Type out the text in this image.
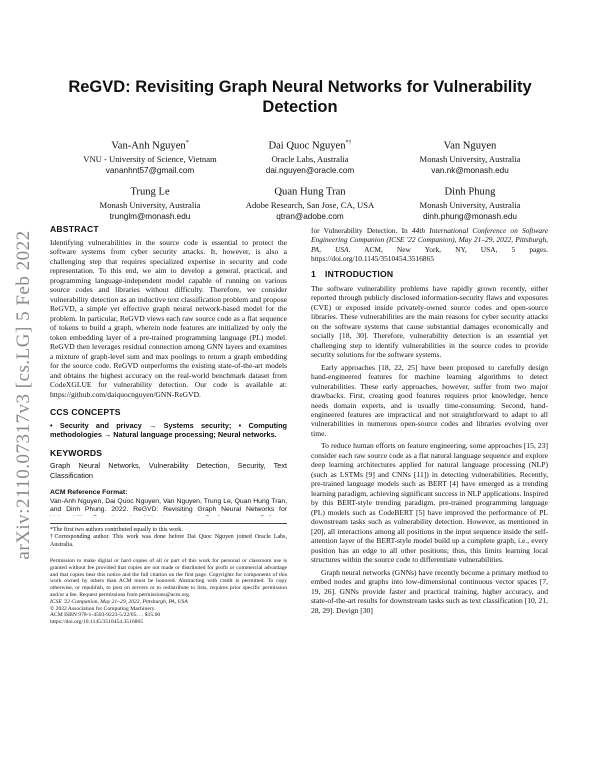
arXiv:2110.07317v3 [cs.LG] 5 Feb 2022
ReGVD: Revisiting Graph Neural Networks for Vulnerability Detection
Van-Anh Nguyen*
VNU - University of Science, Vietnam
vananhnt57@gmail.com
Dai Quoc Nguyen*†
Oracle Labs, Australia
dai.nguyen@oracle.com
Van Nguyen
Monash University, Australia
van.nk@monash.edu
Trung Le
Monash University, Australia
trunglm@monash.edu
Quan Hung Tran
Adobe Research, San Jose, CA, USA
qtran@adobe.com
Dinh Phung
Monash University, Australia
dinh.phung@monash.edu
ABSTRACT

Identifying vulnerabilities in the source code is essential to protect the software systems from cyber security attacks. It, however, is also a challenging step that requires specialized expertise in security and code representation. To this end, we aim to develop a general, practical, and programming language-independent model capable of running on various source codes and libraries without difficulty. Therefore, we consider vulnerability detection as an inductive text classification problem and propose ReGVD, a simple yet effective graph neural network-based model for the problem. In particular, ReGVD views each raw source code as a flat sequence of tokens to build a graph, wherein node features are initialized by only the token embedding layer of a pre-trained programming language (PL) model. ReGVD then leverages residual connection among GNN layers and examines a mixture of graph-level sum and max poolings to return a graph embedding for the source code. ReGVD outperforms the existing state-of-the-art models and obtains the highest accuracy on the real-world benchmark dataset from CodeXGLUE for vulnerability detection. Our code is available at: https://github.com/daiquocnguyen/GNN-ReGVD.

CCS CONCEPTS

• Security and privacy → Systems security; • Computing methodologies → Natural language processing; Neural networks.

KEYWORDS

Graph Neural Networks, Vulnerability Detection, Security, Text Classification

ACM Reference Format:

Van-Anh Nguyen, Dai Quoc Nguyen, Van Nguyen, Trung Le, Quan Hung Tran, and Dinh Phung. 2022. ReGVD: Revisiting Graph Neural Networks for

*The first two authors contributed equally to this work.

†Corresponding author. This work was done before Dai Quoc Nguyen joined Oracle Labs, Australia.

Permission to make digital or hard copies of all or part of this work for personal or classroom use is granted without fee provided that copies are not made or distributed for profit or commercial advantage and that copies bear this notice and the full citation on the first page. Copyrights for components of this work owned by others than ACM must be honored. Abstracting with credit is permitted. To copy otherwise, or republish, to post on servers or to redistribute to lists, requires prior specific permission and/or a fee. Request permissions from permissions@acm.org.

ICSE '22 Companion, May 21–29, 2022, Pittsburgh, PA, USA

© 2022 Association for Computing Machinery.

ACM ISBN 978-1-4503-9223-5/22/05. . . $15.00

https://doi.org/10.1145/3510454.3516865

for Vulnerability Detection. In 44th International Conference on Software Engineering Companion (ICSE '22 Companion), May 21–29, 2022, Pittsburgh, PA, USA. ACM, New York, NY, USA, 5 pages. https://doi.org/10.1145/3510454.3516865

1 INTRODUCTION

The software vulnerability problems have rapidly grown recently, either reported through publicly disclosed information-security flaws and exposures (CVE) or exposed inside privately-owned source codes and open-source libraries. These vulnerabilities are the main reasons for cyber security attacks on the software systems that cause substantial damages economically and socially [18, 30]. Therefore, vulnerability detection is an essential yet challenging step to identify vulnerabilities in the source codes to provide security solutions for the software systems.

Early approaches [18, 22, 25] have been proposed to carefully design hand-engineered features for machine learning algorithms to detect vulnerabilities. These early approaches, however, suffer from two major drawbacks. First, creating good features requires prior knowledge, hence needs domain experts, and is usually time-consuming. Second, hand-engineered features are impractical and not straightforward to adapt to all vulnerabilities in numerous open-source codes and libraries evolving over time.

To reduce human efforts on feature engineering, some approaches [15, 23] consider each raw source code as a flat natural language sequence and explore deep learning architectures applied for natural language processing (NLP) (such as LSTMs [9] and CNNs [11]) in detecting vulnerabilities. Recently, pre-trained language models such as BERT [4] have emerged as a trending learning paradigm, achieving significant success in NLP applications. Inspired by this BERT-style trending paradigm, pre-trained programming language (PL) models such as CodeBERT [5] have improved the performance of PL downstream tasks such as vulnerability detection. However, as mentioned in [20], all interactions among all positions in the input sequence inside the self-attention layer of the BERT-style model build up a complete graph, i.e., every position has an edge to all other positions; thus, this limits learning local structures within the source code to differentiate vulnerabilities.

Graph neural networks (GNNs) have recently become a primary method to embed nodes and graphs into low-dimensional continuous vector spaces [7, 19, 26]. GNNs provide faster and practical training, higher accuracy, and state-of-the-art results for downstream tasks such as text classification [10, 21, 28, 29]. Devign [30]
